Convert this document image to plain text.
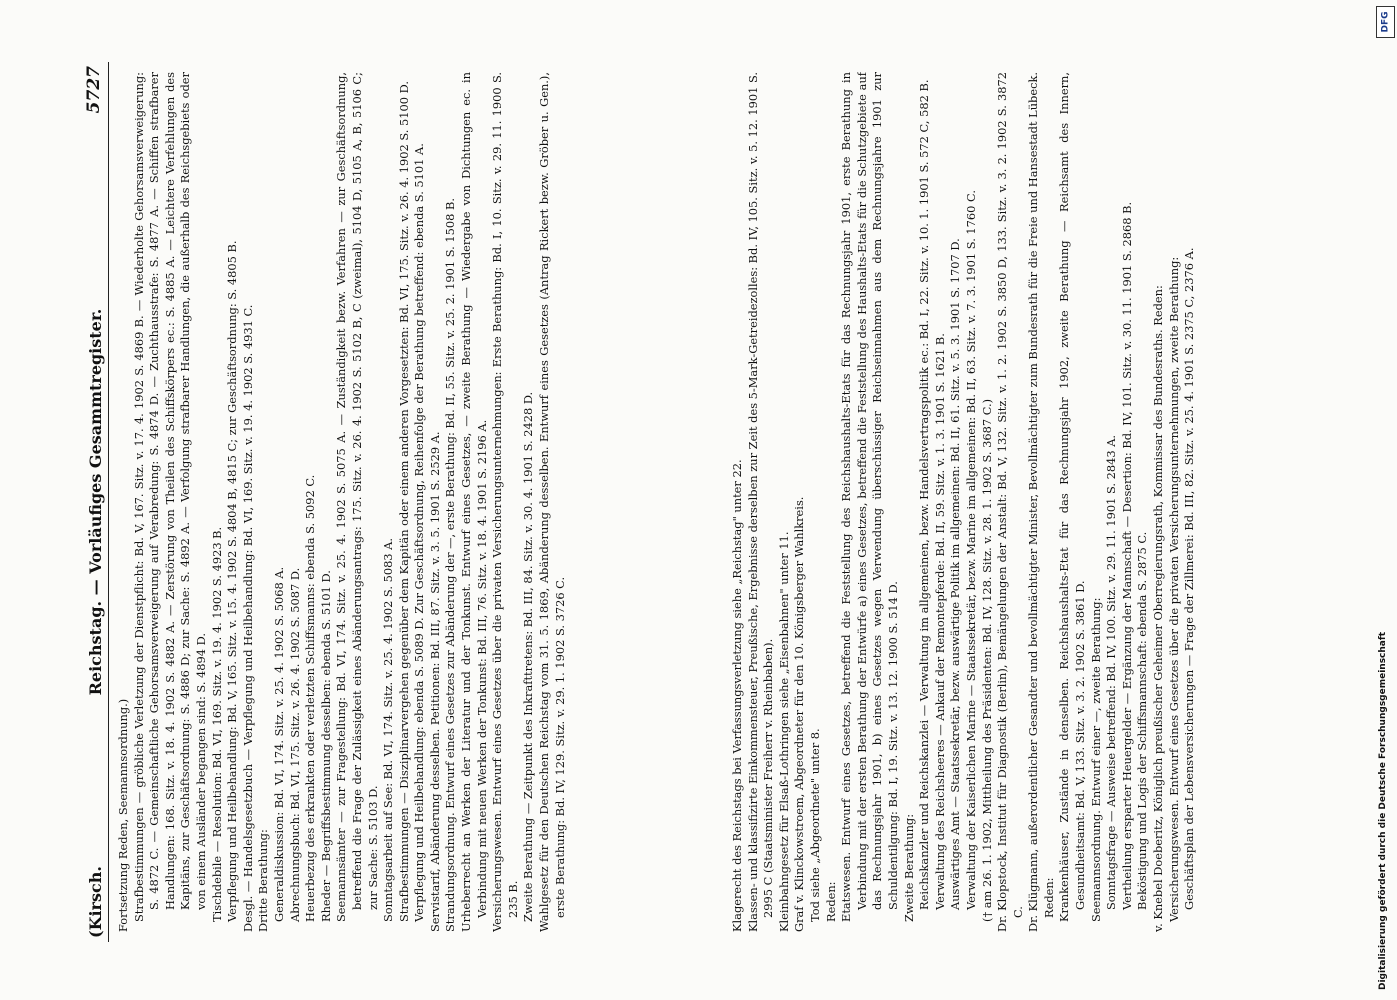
(Kirsch.
Reichstag. — Vorläufiges Gesammtregister.
5727
Fortsetzung Reden, Seemannsordnung.) Strafbestimmungen — gröbliche Verletzung der Dienstpflicht: Bd. V, 167. Sitz. v. 17. 4. 1902 S. 4869 B. — Wiederholte Gehorsamsverweigerung: S. 4872 C. — Gemeinschaftliche Gehorsamsverweigerung auf Verabredung: S. 4874 D. — Zuchthausstrafe: S. 4877 A. — Schiffen strafbarer Handlungen: 168. Sitz. v. 18. 4. 1902 S. 4882 A. — Zerstörung von Theilen des Schiffskörpers ec.: S. 4885 A. — Leichtere Verfehlungen des Kapitäns, zur Geschäftsordnung: S. 4886 D; zur Sache: S. 4892 A. — Verfolgung strafbarer Handlungen, die außerhalb des Reichsgebiets oder von einem Ausländer begangen sind: S. 4894 D. Tischdebile — Resolution: Bd. VI, 169. Sitz. v. 19. 4. 1902 S. 4923 B. Verpflegung und Heilbehandlung: Bd. V, 165. Sitz. v. 15. 4. 1902 S. 4804 B, 4815 C; zur Geschäftsordnung: S. 4805 B. Desgl. — Handelsgesetzbuch — Verpflegung und Heilbehandlung: Bd. VI, 169. Sitz. v. 19. 4. 1902 S. 4931 C. Dritte Berathung: Generaldiskussion: Bd. VI, 174. Sitz. v. 25. 4. 1902 S. 5068 A. Abrechnungsbuch: Bd. VI, 175. Sitz. v. 26. 4. 1902 S. 5087 D. Heuerbezug des erkrankten oder verletzten Schiffsmanns: ebenda S. 5092 C. Rheder — Begriffsbestimmung desselben: ebenda S. 5101 D. Seemannsämter — zur Fragestellung: Bd. VI, 174. Sitz. v. 25. 4. 1902 S. 5075 A. — Zuständigkeit bezw. Verfahren — zur Geschäftsordnung, betreffend die Frage der Zulässigkeit eines Abänderungsantrags: 175. Sitz. v. 26. 4. 1902 S. 5102 B, C (zweimal), 5104 D, 5105 A, B, 5106 C; zur Sache: S. 5103 D. Sonntagsarbeit auf See: Bd. VI, 174. Sitz. v. 25. 4. 1902 S. 5083 A. Strafbestimmungen — Disziplinarvergehen gegenüber dem Kapitän oder einem anderen Vorgesetzten: Bd. VI, 175. Sitz. v. 26. 4. 1902 S. 5100 D. Verpflegung und Heilbehandlung: ebenda S. 5089 D. Zur Geschäftsordnung, Reihenfolge der Berathung betreffend: ebenda S. 5101 A. Servistarif, Abänderung desselben. Petitionen: Bd. III, 87. Sitz. v. 3. 5. 1901 S. 2529 A. Strandungsordnung. Entwurf eines Gesetzes zur Abänderung der —, erste Berathung: Bd. II, 55. Sitz. v. 25. 2. 1901 S. 1508 B. Urheberrecht an Werken der Literatur und der Tonkunst. Entwurf eines Gesetzes, — zweite Berathung — Wiedergabe von Dichtungen ec. in Verbindung mit neuen Werken der Tonkunst: Bd. III, 76. Sitz. v. 18. 4. 1901 S. 2196 A. Versicherungswesen. Entwurf eines Gesetzes über die privaten Versicherungsunternehmungen: Erste Berathung: Bd. I, 10. Sitz. v. 29. 11. 1900 S. 235 B. Zweite Berathung — Zeitpunkt des Inkrafttretens: Bd. III, 84. Sitz. v. 30. 4. 1901 S. 2428 D. Wahlgesetz für den Deutschen Reichstag vom 31. 5. 1869, Abänderung desselben. Entwurf eines Gesetzes (Antrag Rickert bezw. Gröber u. Gen.), erste Berathung: Bd. IV, 129. Sitz. v. 29. 1. 1902 S. 3726 C.	Klagerecht des Reichstags bei Verfassungsverletzung siehe „Reichstag" unter 22. Klassen- und klassifizirte Einkommensteuer, Preußische, Ergebnisse derselben zur Zeit des 5-Mark-Getreidezolles: Bd. IV, 105. Sitz. v. 5. 12. 1901 S. 2995 C (Staatsminister Freiherr v. Rheinbaben). Kleinbahngesetz für Elsaß-Lothringen siehe „Eisenbahnen" unter 11. Graf v. Klinckowstroem, Abgeordneter für den 10. Königsberger Wahlkreis. Tod siehe „Abgeordnete" unter 8. Reden: Etatswesen. Entwurf eines Gesetzes, betreffend die Feststellung des Reichshaushalts-Etats für das Rechnungsjahr 1901, erste Berathung in Verbindung mit der ersten Berathung der Entwürfe a) eines Gesetzes, betreffend die Feststellung des Haushalts-Etats für die Schutzgebiete auf das Rechnungsjahr 1901, b) eines Gesetzes wegen Verwendung überschüssiger Reichseinnahmen aus dem Rechnungsjahre 1901 zur Schuldentilgung: Bd. I, 19. Sitz. v. 13. 12. 1900 S. 514 D. Zweite Berathung: Reichskanzler und Reichskanzlei — Verwaltung im allgemeinen, bezw. Handelsvertragspolitik ec.: Bd. I, 22. Sitz. v. 10. 1. 1901 S. 572 C, 582 B. Verwaltung des Reichsheeres — Ankauf der Remontepferde: Bd. II, 59. Sitz. v. 1. 3. 1901 S. 1621 B. Auswärtiges Amt — Staatssekretär, bezw. auswärtige Politik im allgemeinen: Bd. II, 61. Sitz. v. 5. 3. 1901 S. 1707 D. Verwaltung der Kaiserlichen Marine — Staatssekretär, bezw. Marine im allgemeinen: Bd. II, 63. Sitz. v. 7. 3. 1901 S. 1760 C. († am 26. 1. 1902, Mittheilung des Präsidenten: Bd. IV, 128. Sitz. v. 28. 1. 1902 S. 3687 C.) Dr. Klopstock, Institut für Diagnostik (Berlin), Bemängelungen der Anstalt: Bd. V, 132. Sitz. v. 1. 2. 1902 S. 3850 D, 133. Sitz. v. 3. 2. 1902 S. 3872 C. Dr. Klügmann, außerordentlicher Gesandter und bevollmächtigter Minister, Bevollmächtigter zum Bundesrath für die Freie und Hansestadt Lübeck. Reden: Krankenhäuser, Zustände in denselben. Reichshaushalts-Etat für das Rechnungsjahr 1902, zweite Berathung — Reichsamt des Innern, Gesundheitsamt: Bd. V, 133. Sitz. v. 3. 2. 1902 S. 3861 D. Seemannsordnung. Entwurf einer —, zweite Berathung: Sonntagsfrage — Ausweise betreffend: Bd. IV, 100. Sitz. v. 29. 11. 1901 S. 2843 A. Vertheilung ersparter Heuergelder — Ergänzung der Mannschaft — Desertion: Bd. IV, 101. Sitz. v. 30. 11. 1901 S. 2868 B. Beköstigung und Logis der Schiffsmannschaft: ebenda S. 2875 C. v. Knebel Doeberitz, Königlich preußischer Geheimer Oberregierungsrath, Kommissar des Bundesraths. Reden: Versicherungswesen. Entwurf eines Gesetzes über die privaten Versicherungsunternehmungen, zweite Berathung: Geschäftsplan der Lebensversicherungen — Frage der Zillmerei: Bd. III, 82. Sitz. v. 25. 4. 1901 S. 2375 C, 2376 A.
DFG
Digitalisierung gefördert durch die Deutsche Forschungsgemeinschaft
